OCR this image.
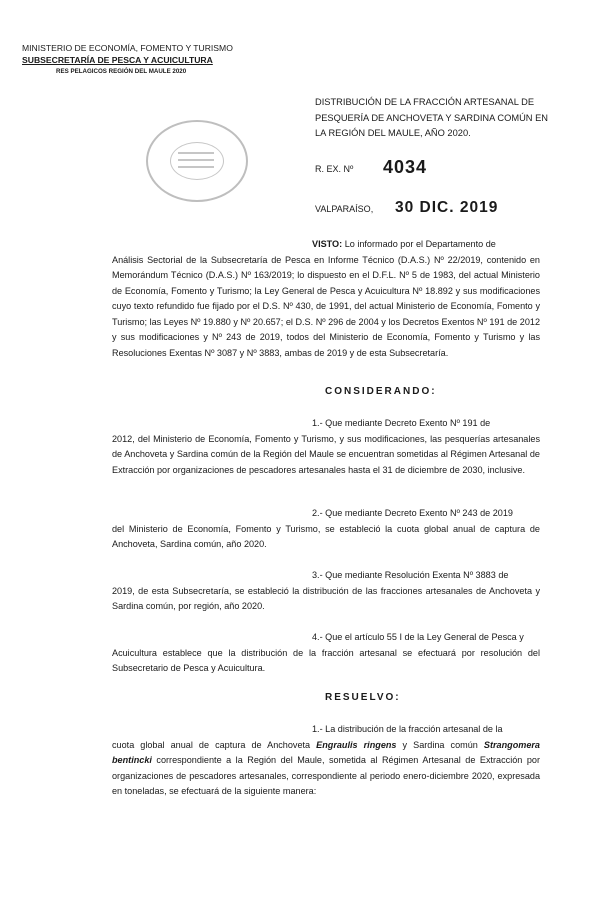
MINISTERIO DE ECONOMÍA, FOMENTO Y TURISMO
SUBSECRETARÍA DE PESCA Y ACUICULTURA
RES PELAGICOS REGIÓN DEL MAULE 2020
DISTRIBUCIÓN DE LA FRACCIÓN ARTESANAL DE PESQUERÍA DE ANCHOVETA Y SARDINA COMÚN EN LA REGIÓN DEL MAULE, AÑO 2020.
R. EX. Nº 4034
VALPARAÍSO, 30 DIC. 2019
VISTO: Lo informado por el Departamento de
Análisis Sectorial de la Subsecretaría de Pesca en Informe Técnico (D.A.S.) Nº 22/2019, contenido en Memorándum Técnico (D.A.S.) Nº 163/2019; lo dispuesto en el D.F.L. Nº 5 de 1983, del actual Ministerio de Economía, Fomento y Turismo; la Ley General de Pesca y Acuicultura Nº 18.892 y sus modificaciones cuyo texto refundido fue fijado por el D.S. Nº 430, de 1991, del actual Ministerio de Economía, Fomento y Turismo; las Leyes Nº 19.880 y Nº 20.657; el D.S. Nº 296 de 2004 y los Decretos Exentos Nº 191 de 2012 y sus modificaciones y Nº 243 de 2019, todos del Ministerio de Economía, Fomento y Turismo y las Resoluciones Exentas Nº 3087 y Nº 3883, ambas de 2019 y de esta Subsecretaría.
CONSIDERANDO:
1.- Que mediante Decreto Exento Nº 191 de
2012, del Ministerio de Economía, Fomento y Turismo, y sus modificaciones, las pesquerías artesanales de Anchoveta y Sardina común de la Región del Maule se encuentran sometidas al Régimen Artesanal de Extracción por organizaciones de pescadores artesanales hasta el 31 de diciembre de 2030, inclusive.
2.- Que mediante Decreto Exento Nº 243 de 2019
del Ministerio de Economía, Fomento y Turismo, se estableció la cuota global anual de captura de Anchoveta, Sardina común, año 2020.
3.- Que mediante Resolución Exenta Nº 3883 de
2019, de esta Subsecretaría, se estableció la distribución de las fracciones artesanales de Anchoveta y Sardina común, por región, año 2020.
4.- Que el artículo 55 I de la Ley General de Pesca y
Acuicultura establece que la distribución de la fracción artesanal se efectuará por resolución del Subsecretario de Pesca y Acuicultura.
RESUELVO:
1.- La distribución de la fracción artesanal de la
cuota global anual de captura de Anchoveta Engraulis ringens y Sardina común Strangomera bentincki correspondiente a la Región del Maule, sometida al Régimen Artesanal de Extracción por organizaciones de pescadores artesanales, correspondiente al periodo enero-diciembre 2020, expresada en toneladas, se efectuará de la siguiente manera:
